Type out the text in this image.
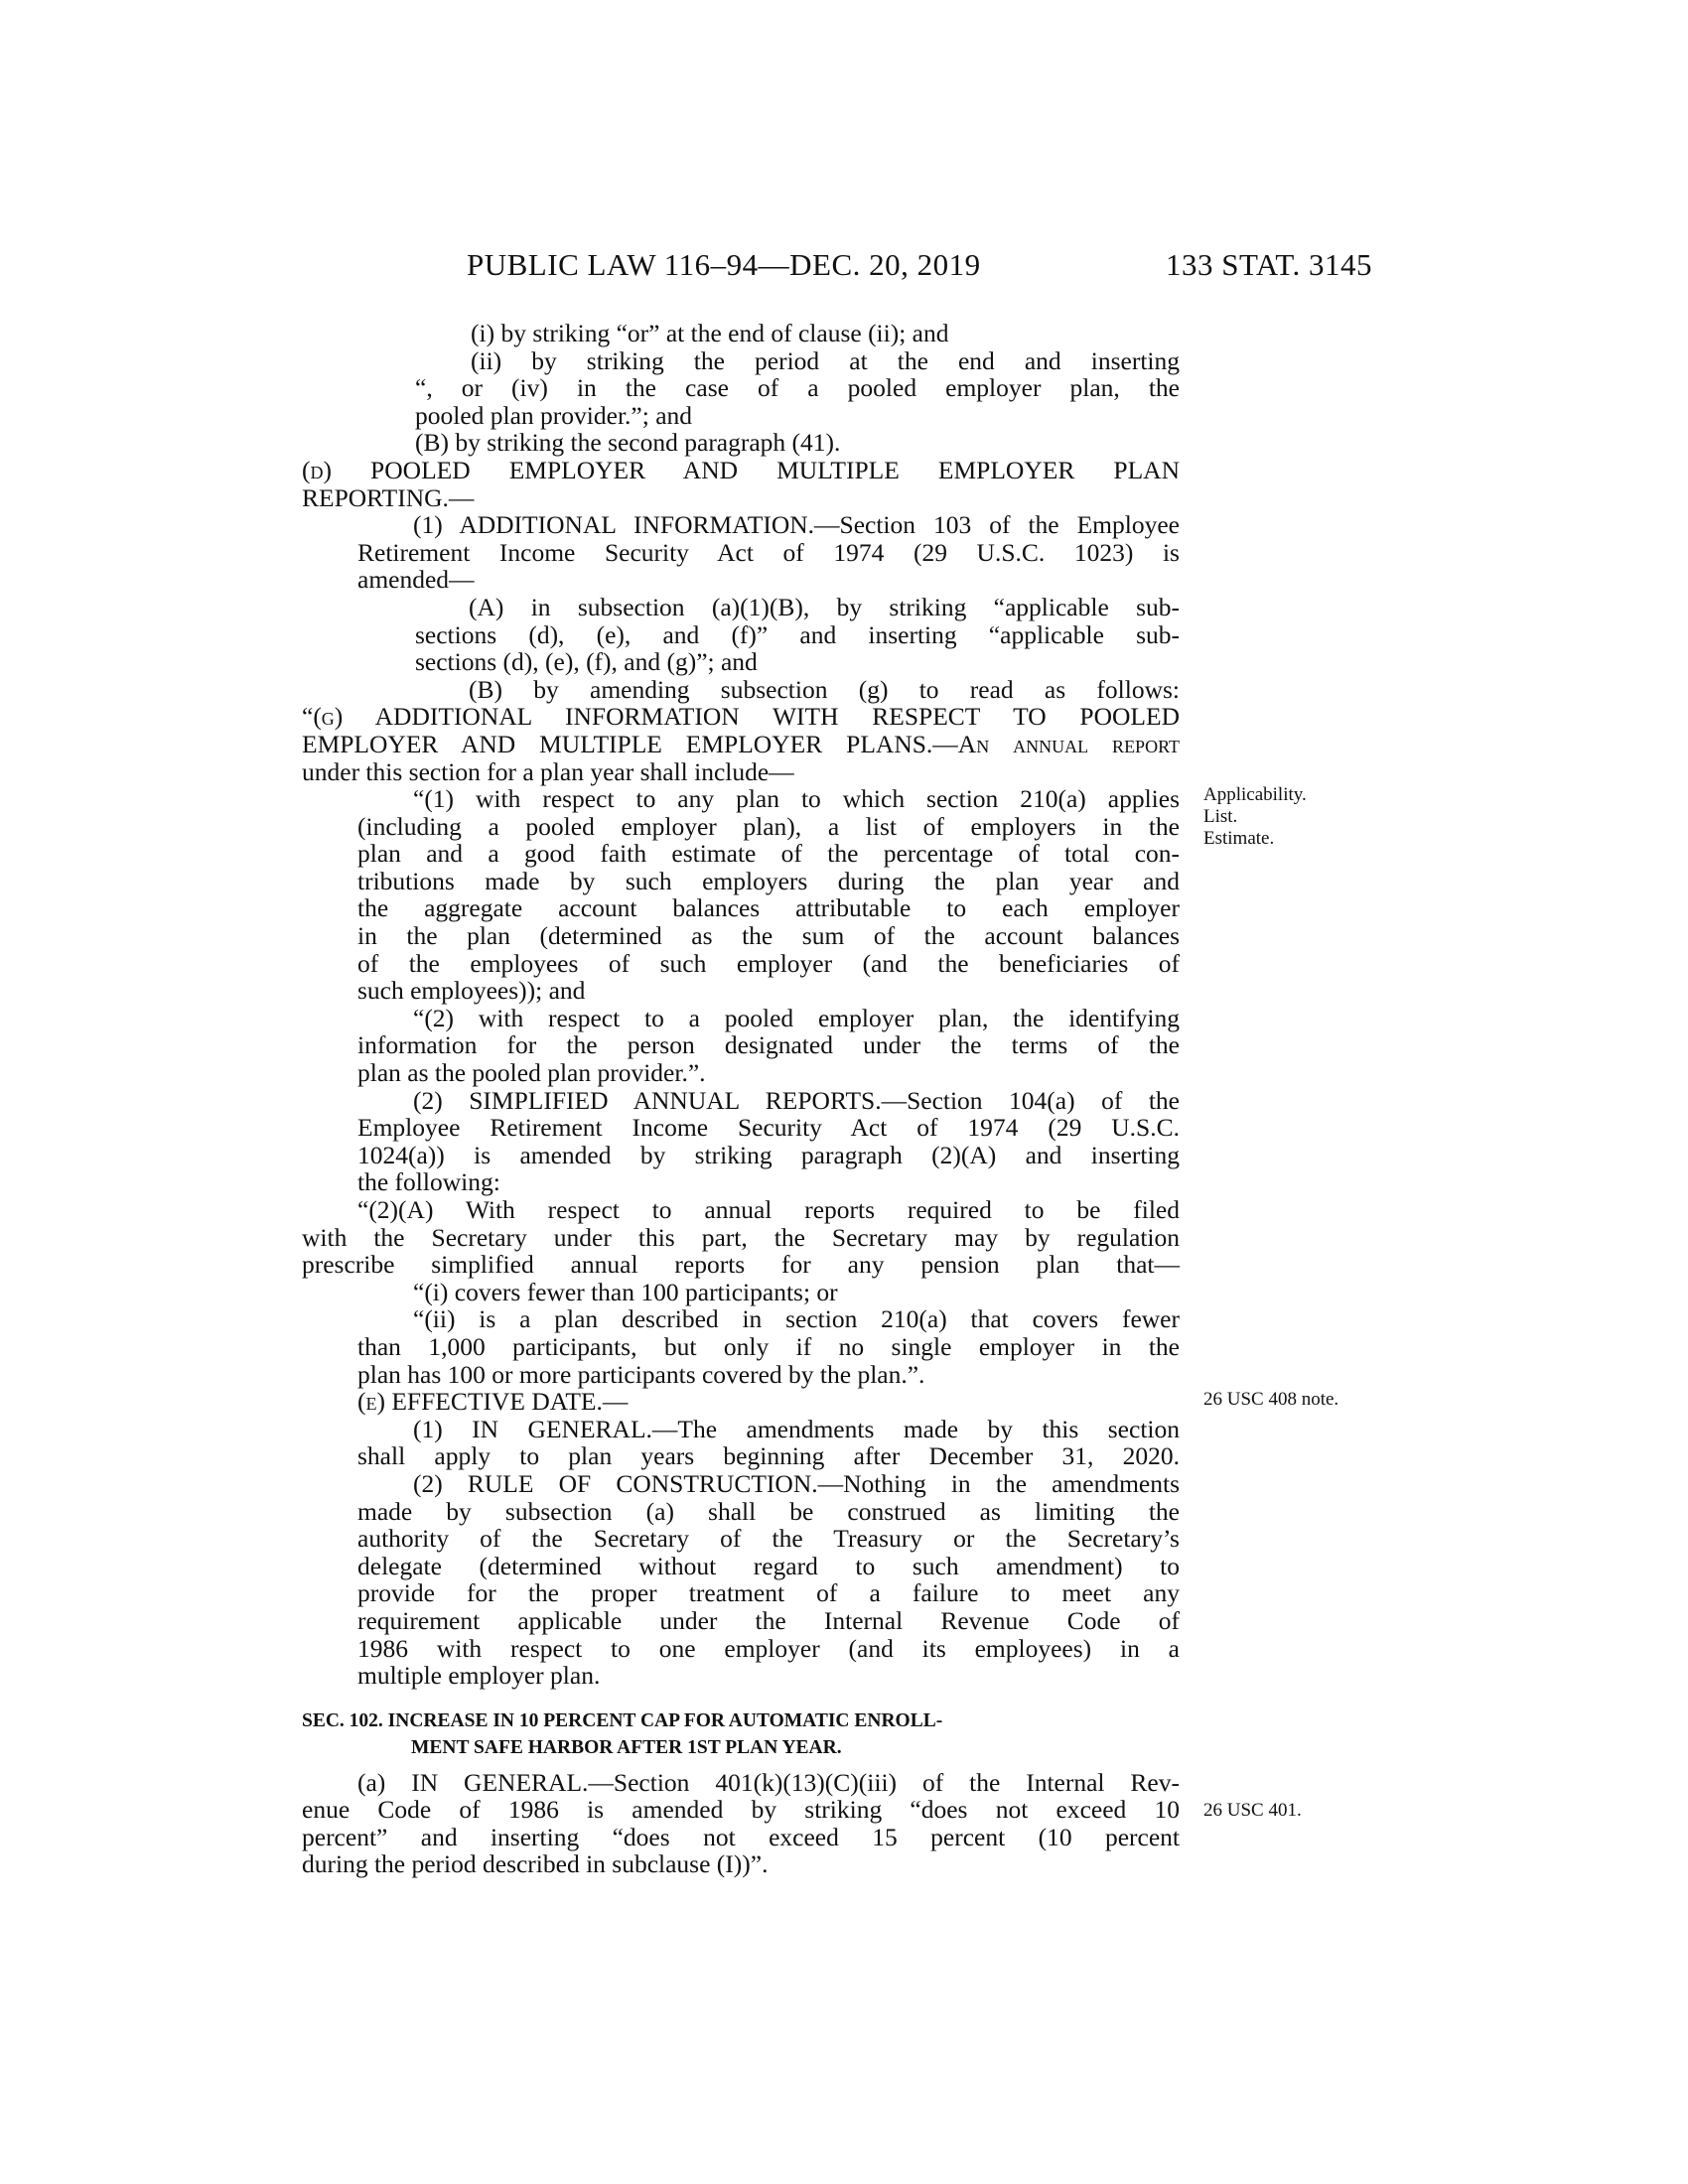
PUBLIC LAW 116–94—DEC. 20, 2019	133 STAT. 3145
(i) by striking “or” at the end of clause (ii); and
(ii) by striking the period at the end and inserting
“, or (iv) in the case of a pooled employer plan, the
pooled plan provider.”; and
(B) by striking the second paragraph (41).
(d) POOLED EMPLOYER AND MULTIPLE EMPLOYER PLAN
REPORTING.—
(1) ADDITIONAL INFORMATION.—Section 103 of the Employee
Retirement Income Security Act of 1974 (29 U.S.C. 1023) is
amended—
(A) in subsection (a)(1)(B), by striking “applicable sub-
sections (d), (e), and (f)” and inserting “applicable sub-
sections (d), (e), (f), and (g)”; and
(B) by amending subsection (g) to read as follows:
“(g) ADDITIONAL INFORMATION WITH RESPECT TO POOLED
EMPLOYER AND MULTIPLE EMPLOYER PLANS.—An annual report
under this section for a plan year shall include—
“(1) with respect to any plan to which section 210(a) applies
(including a pooled employer plan), a list of employers in the
plan and a good faith estimate of the percentage of total con-
tributions made by such employers during the plan year and
the aggregate account balances attributable to each employer
in the plan (determined as the sum of the account balances
of the employees of such employer (and the beneficiaries of
such employees)); and
“(2) with respect to a pooled employer plan, the identifying
information for the person designated under the terms of the
plan as the pooled plan provider.”.
(2) SIMPLIFIED ANNUAL REPORTS.—Section 104(a) of the
Employee Retirement Income Security Act of 1974 (29 U.S.C.
1024(a)) is amended by striking paragraph (2)(A) and inserting
the following:
“(2)(A) With respect to annual reports required to be filed
with the Secretary under this part, the Secretary may by regulation
prescribe simplified annual reports for any pension plan that—
“(i) covers fewer than 100 participants; or
“(ii) is a plan described in section 210(a) that covers fewer
than 1,000 participants, but only if no single employer in the
plan has 100 or more participants covered by the plan.”.
(e) EFFECTIVE DATE.—
(1) IN GENERAL.—The amendments made by this section
shall apply to plan years beginning after December 31, 2020.
(2) RULE OF CONSTRUCTION.—Nothing in the amendments
made by subsection (a) shall be construed as limiting the
authority of the Secretary of the Treasury or the Secretary’s
delegate (determined without regard to such amendment) to
provide for the proper treatment of a failure to meet any
requirement applicable under the Internal Revenue Code of
1986 with respect to one employer (and its employees) in a
multiple employer plan.
SEC. 102. INCREASE IN 10 PERCENT CAP FOR AUTOMATIC ENROLL-
MENT SAFE HARBOR AFTER 1ST PLAN YEAR.
(a) IN GENERAL.—Section 401(k)(13)(C)(iii) of the Internal Rev-
enue Code of 1986 is amended by striking “does not exceed 10
percent” and inserting “does not exceed 15 percent (10 percent
during the period described in subclause (I))”.
Applicability.
List.
Estimate.
26 USC 408 note.
26 USC 401.
